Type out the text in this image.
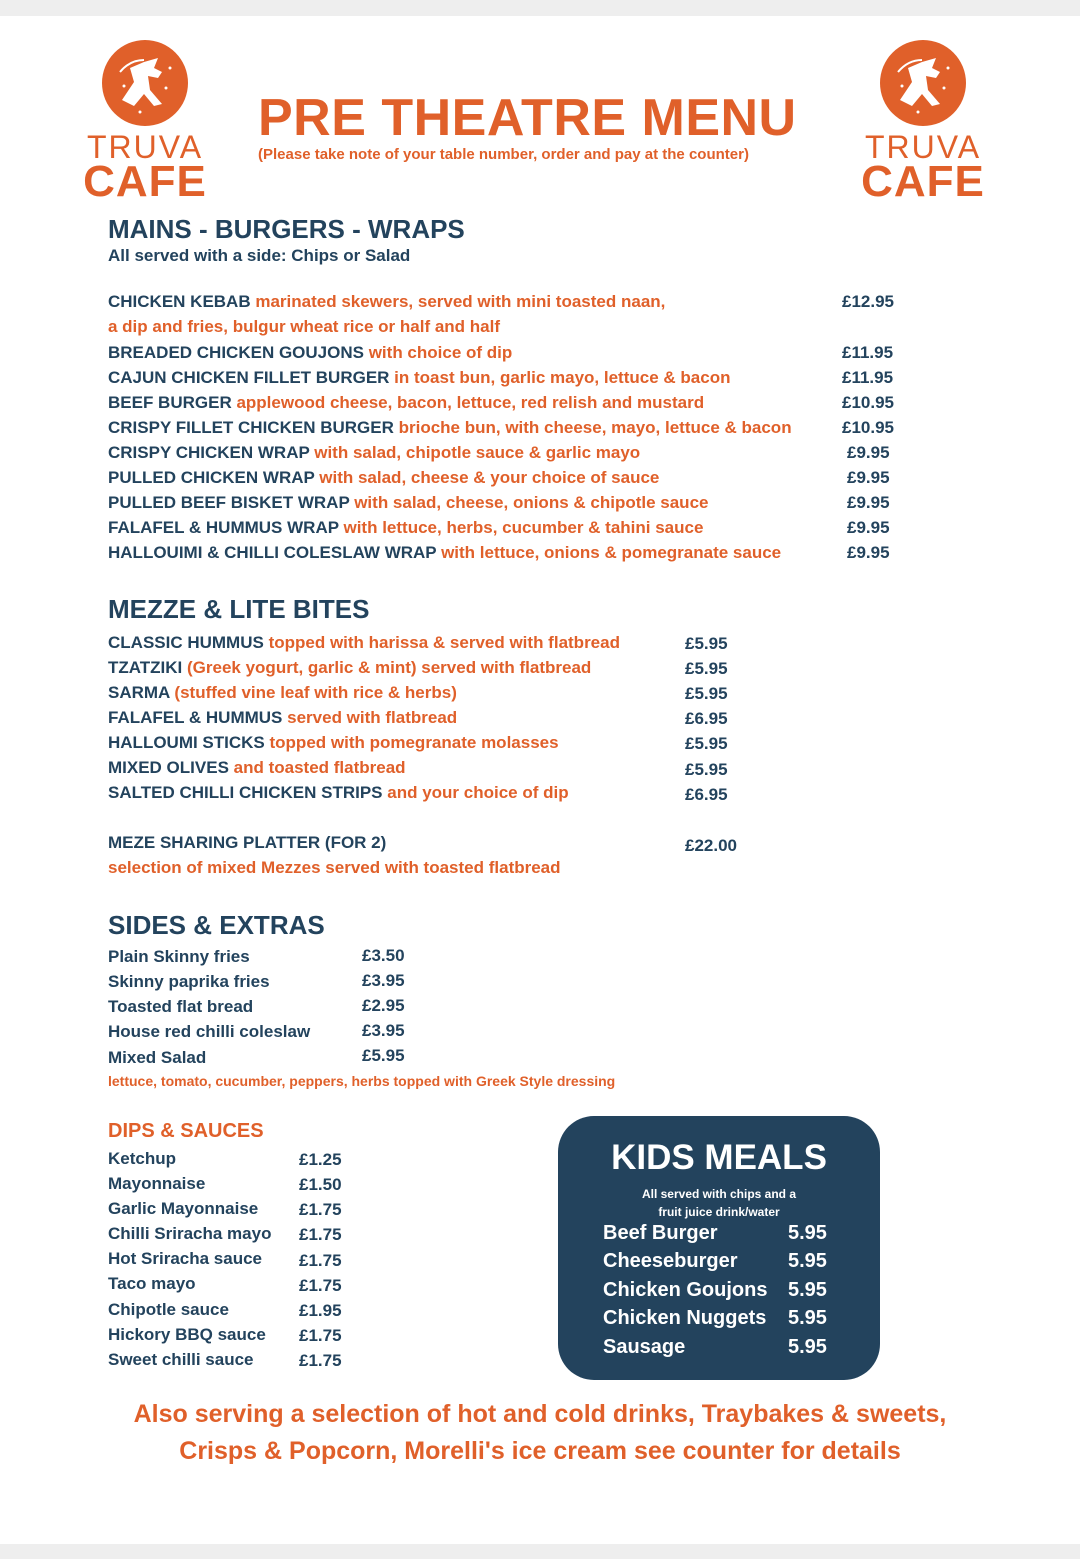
TRUVA
CAFE
TRUVA
CAFE
PRE THEATRE MENU
(Please take note of your table number, order and pay at the counter)
MAINS - BURGERS - WRAPS
All served with a side: Chips or Salad
CHICKEN KEBAB marinated skewers, served with mini toasted naan,
a dip and fries, bulgur wheat rice or half and half
£12.95
BREADED CHICKEN GOUJONS with choice of dip	£11.95
CAJUN CHICKEN FILLET BURGER in toast bun, garlic mayo, lettuce & bacon	£11.95
BEEF BURGER applewood cheese, bacon, lettuce, red relish and mustard	£10.95
CRISPY FILLET CHICKEN BURGER brioche bun, with cheese, mayo, lettuce & bacon	£10.95
CRISPY CHICKEN WRAP with salad, chipotle sauce & garlic mayo	£9.95
PULLED CHICKEN WRAP with salad, cheese & your choice of sauce	£9.95
PULLED BEEF BISKET WRAP with salad, cheese, onions & chipotle sauce	£9.95
FALAFEL & HUMMUS WRAP with lettuce, herbs, cucumber & tahini sauce	£9.95
HALLOUIMI & CHILLI COLESLAW WRAP with lettuce, onions & pomegranate sauce	£9.95
MEZZE & LITE BITES
CLASSIC HUMMUS topped with harissa & served with flatbread	£5.95
TZATZIKI (Greek yogurt, garlic & mint) served with flatbread	£5.95
SARMA (stuffed vine leaf with rice & herbs)	£5.95
FALAFEL & HUMMUS served with flatbread	£6.95
HALLOUMI STICKS topped with pomegranate molasses	£5.95
MIXED OLIVES and toasted flatbread	£5.95
SALTED CHILLI CHICKEN STRIPS and your choice of dip	£6.95
MEZE SHARING PLATTER (FOR 2)
selection of mixed Mezzes served with toasted flatbread
£22.00
SIDES & EXTRAS
Plain Skinny fries	£3.50
Skinny paprika fries	£3.95
Toasted flat bread	£2.95
House red chilli coleslaw	£3.95
Mixed Salad	£5.95
lettuce, tomato, cucumber, peppers, herbs topped with Greek Style dressing
DIPS & SAUCES
Ketchup	£1.25
Mayonnaise	£1.50
Garlic Mayonnaise £1.75
Chilli Sriracha mayo £1.75
Hot Sriracha sauce £1.75
Taco mayo	£1.75
Chipotle sauce	£1.95
Hickory BBQ sauce £1.75
Sweet chilli sauce	£1.75
KIDS MEALS
All served with chips and a
fruit juice drink/water
Beef Burger	5.95
Cheeseburger	5.95
Chicken Goujons 5.95
Chicken Nuggets 5.95
Sausage	5.95
Also serving a selection of hot and cold drinks, Traybakes & sweets,
Crisps & Popcorn, Morelli's ice cream see counter for details
